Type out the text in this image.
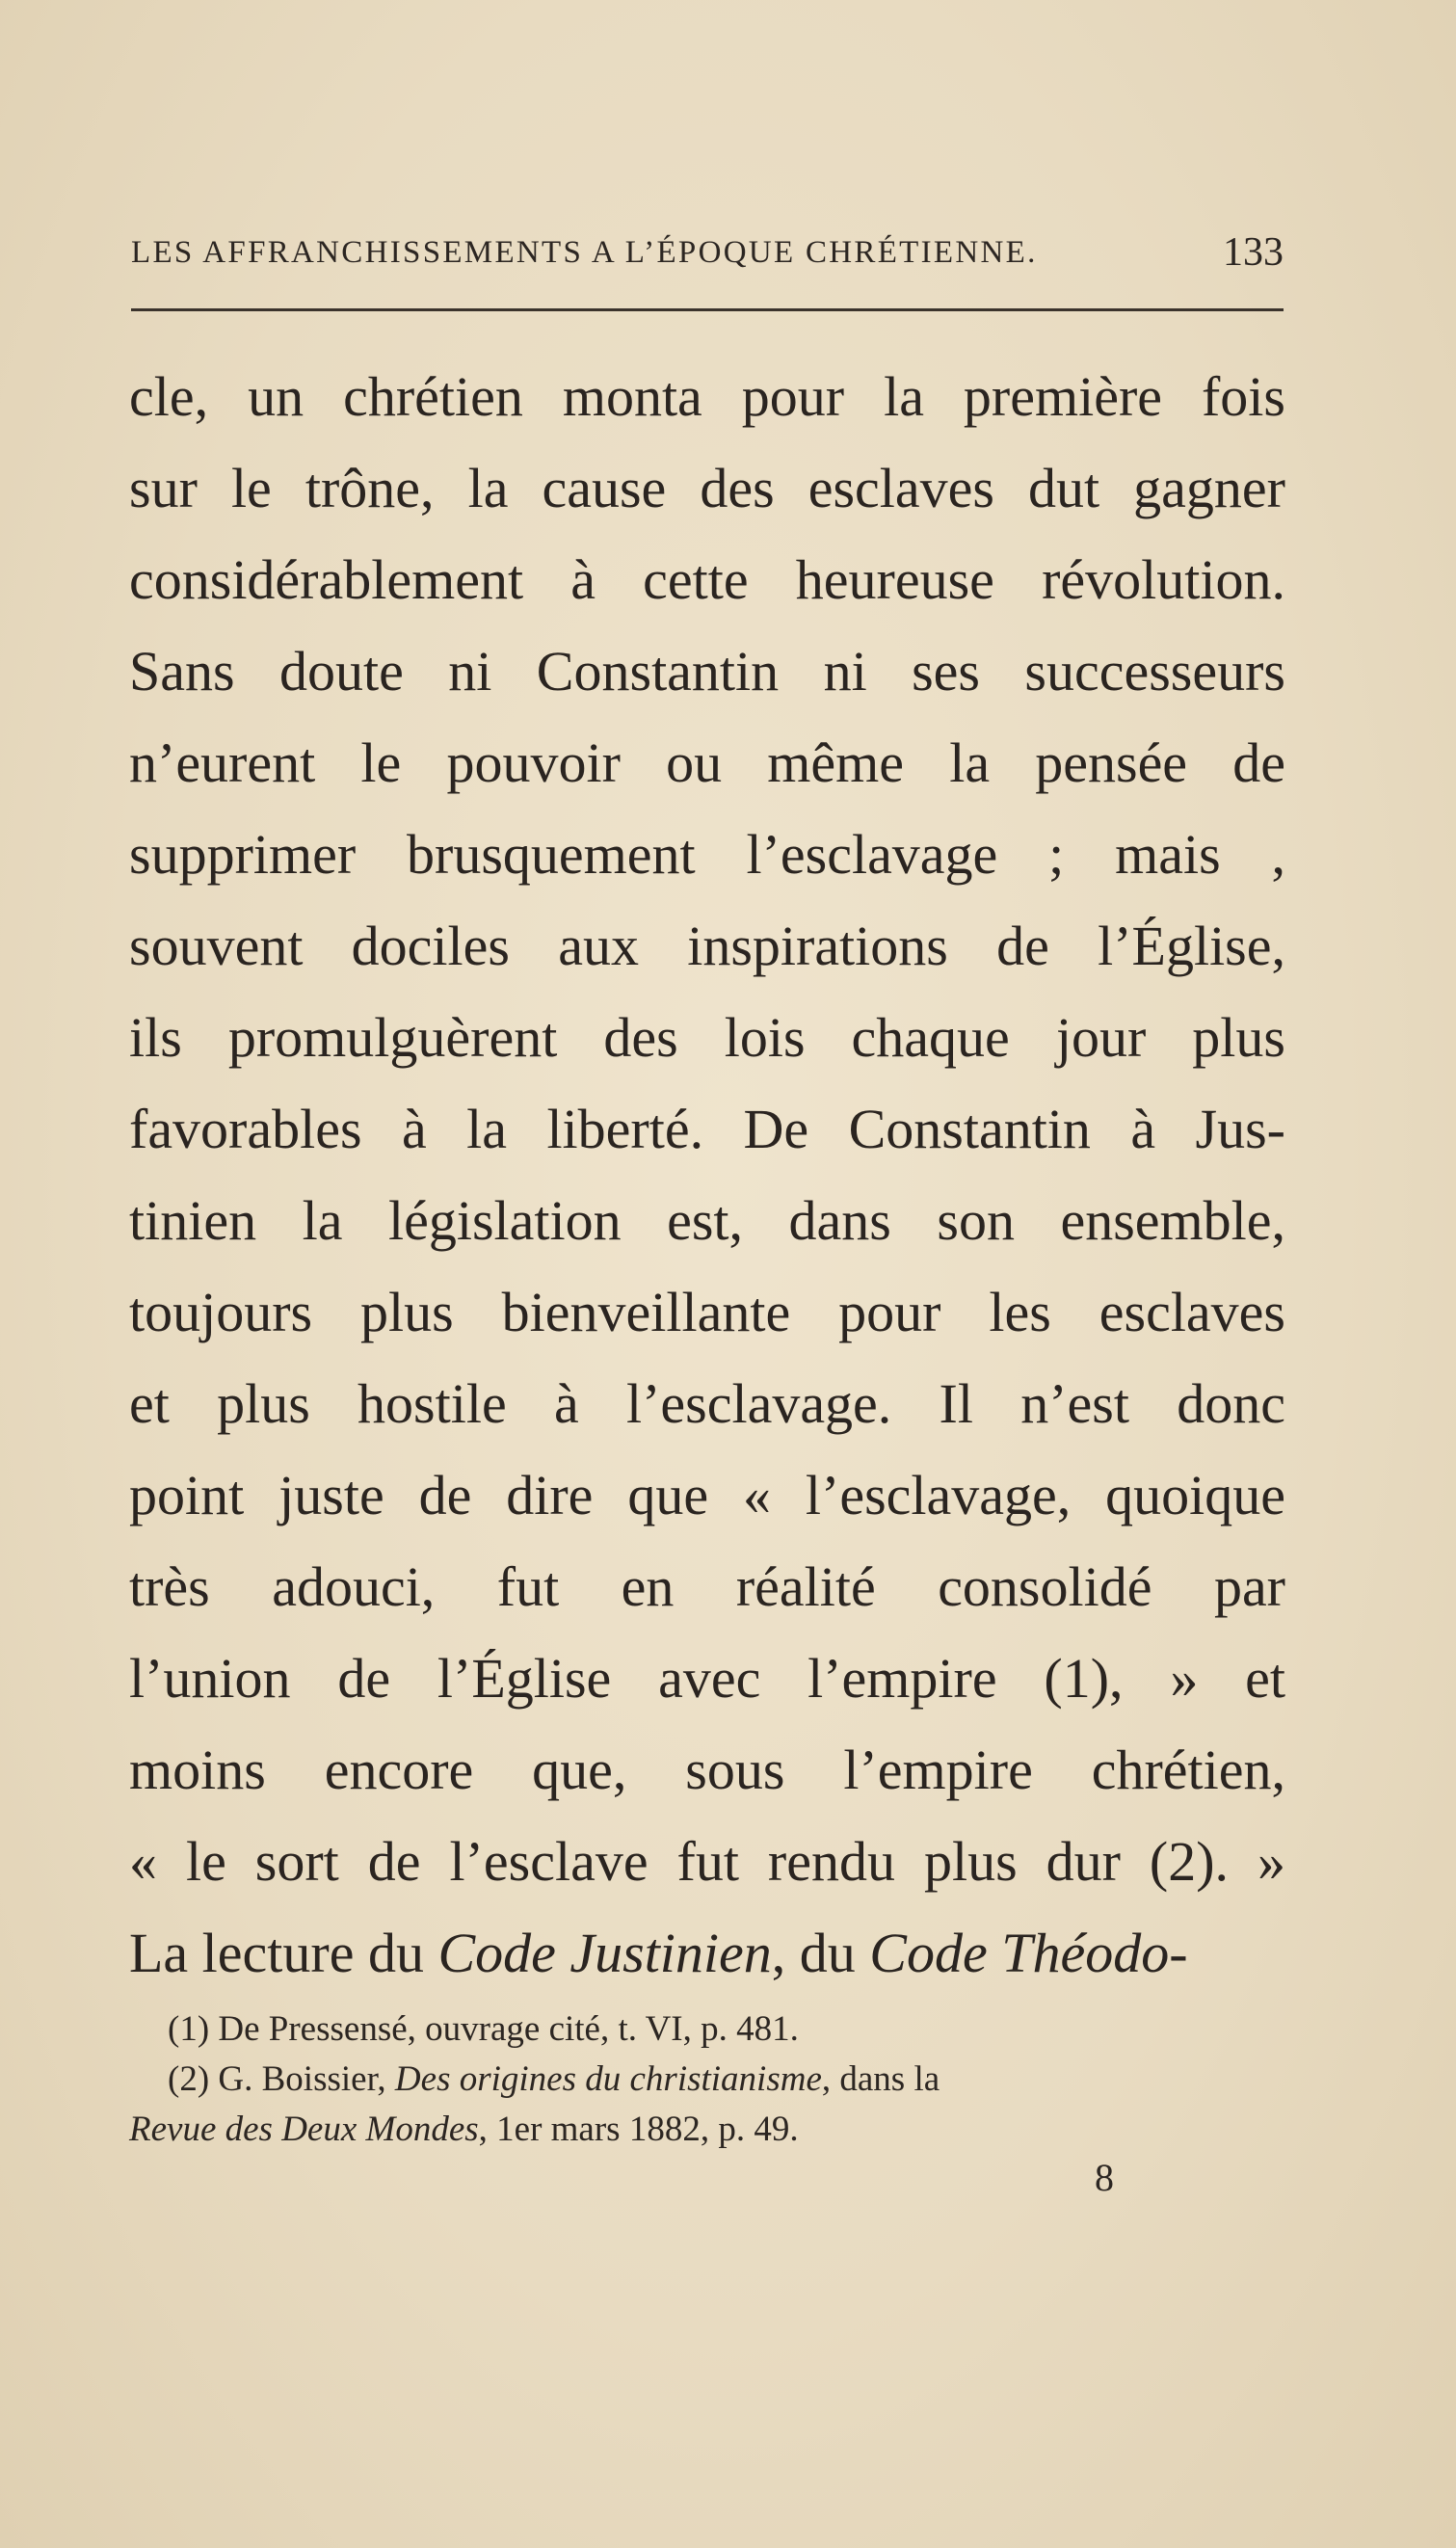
LES AFFRANCHISSEMENTS A L’ÉPOQUE CHRÉTIENNE.	133
cle, un chrétien monta pour la première fois
sur le trône, la cause des esclaves dut gagner
considérablement à cette heureuse révolution.
Sans doute ni Constantin ni ses successeurs
n’eurent le pouvoir ou même la pensée de
supprimer brusquement l’esclavage ; mais ,
souvent dociles aux inspirations de l’Église,
ils promulguèrent des lois chaque jour plus
favorables à la liberté. De Constantin à Jus-
tinien la législation est, dans son ensemble,
toujours plus bienveillante pour les esclaves
et plus hostile à l’esclavage. Il n’est donc
point juste de dire que « l’esclavage, quoique
très adouci, fut en réalité consolidé par
l’union de l’Église avec l’empire (1), » et
moins encore que, sous l’empire chrétien,
« le sort de l’esclave fut rendu plus dur (2). »
La lecture du Code Justinien, du Code Théodo-
(1) De Pressensé, ouvrage cité, t. VI, p. 481.
(2) G. Boissier, Des origines du christianisme, dans la
Revue des Deux Mondes, 1er mars 1882, p. 49.
8
